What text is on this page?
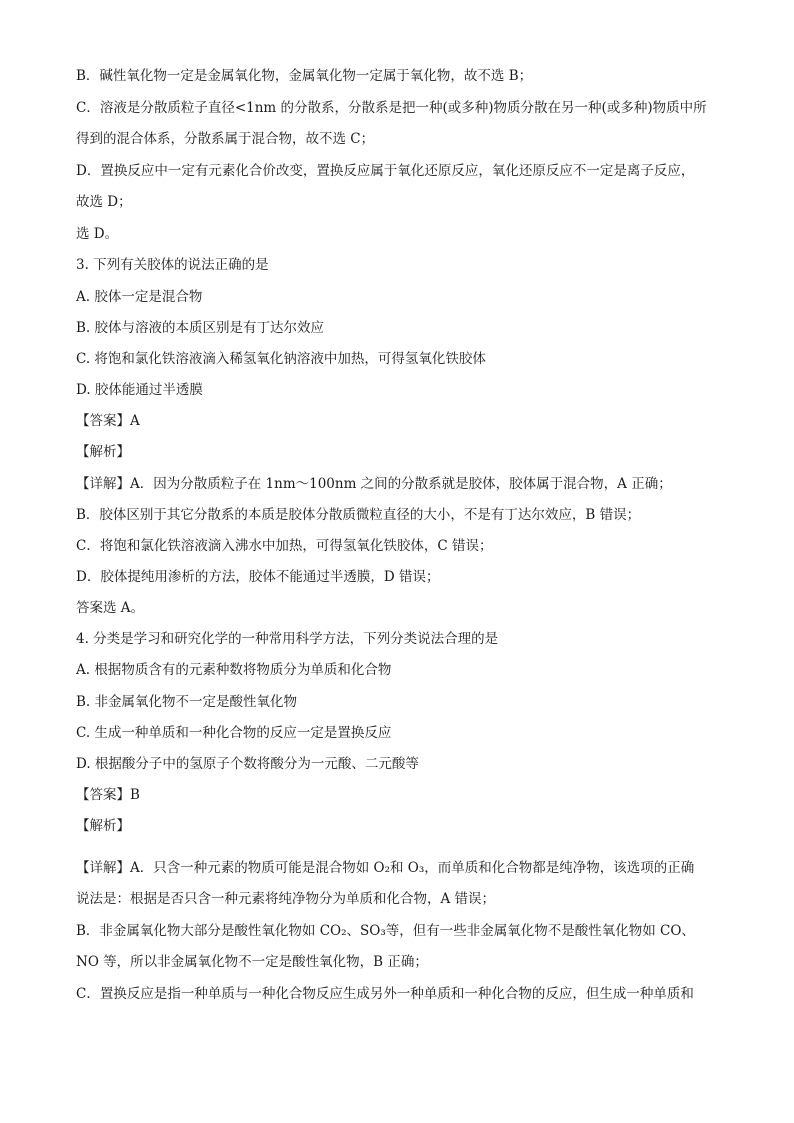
B．碱性氧化物一定是金属氧化物，金属氧化物一定属于氧化物，故不选 B；
C．溶液是分散质粒子直径<1nm 的分散系，分散系是把一种(或多种)物质分散在另一种(或多种)物质中所
得到的混合体系，分散系属于混合物，故不选 C；
D．置换反应中一定有元素化合价改变，置换反应属于氧化还原反应，氧化还原反应不一定是离子反应，
故选 D；
选 D。
3. 下列有关胶体的说法正确的是
A. 胶体一定是混合物
B. 胶体与溶液的本质区别是有丁达尔效应
C. 将饱和氯化铁溶液滴入稀氢氧化钠溶液中加热，可得氢氧化铁胶体
D. 胶体能通过半透膜
【答案】A
【解析】
【详解】A．因为分散质粒子在 1nm～100nm 之间的分散系就是胶体，胶体属于混合物，A 正确；
B．胶体区别于其它分散系的本质是胶体分散质微粒直径的大小，不是有丁达尔效应，B 错误；
C．将饱和氯化铁溶液滴入沸水中加热，可得氢氧化铁胶体，C 错误；
D．胶体提纯用渗析的方法，胶体不能通过半透膜，D 错误；
答案选 A。
4. 分类是学习和研究化学的一种常用科学方法，下列分类说法合理的是
A. 根据物质含有的元素种数将物质分为单质和化合物
B. 非金属氧化物不一定是酸性氧化物
C. 生成一种单质和一种化合物的反应一定是置换反应
D. 根据酸分子中的氢原子个数将酸分为一元酸、二元酸等
【答案】B
【解析】
【详解】A．只含一种元素的物质可能是混合物如 O₂和 O₃，而单质和化合物都是纯净物，该选项的正确
说法是：根据是否只含一种元素将纯净物分为单质和化合物，A 错误；
B．非金属氧化物大部分是酸性氧化物如 CO₂、SO₃等，但有一些非金属氧化物不是酸性氧化物如 CO、
NO 等，所以非金属氧化物不一定是酸性氧化物，B 正确；
C．置换反应是指一种单质与一种化合物反应生成另外一种单质和一种化合物的反应，但生成一种单质和
